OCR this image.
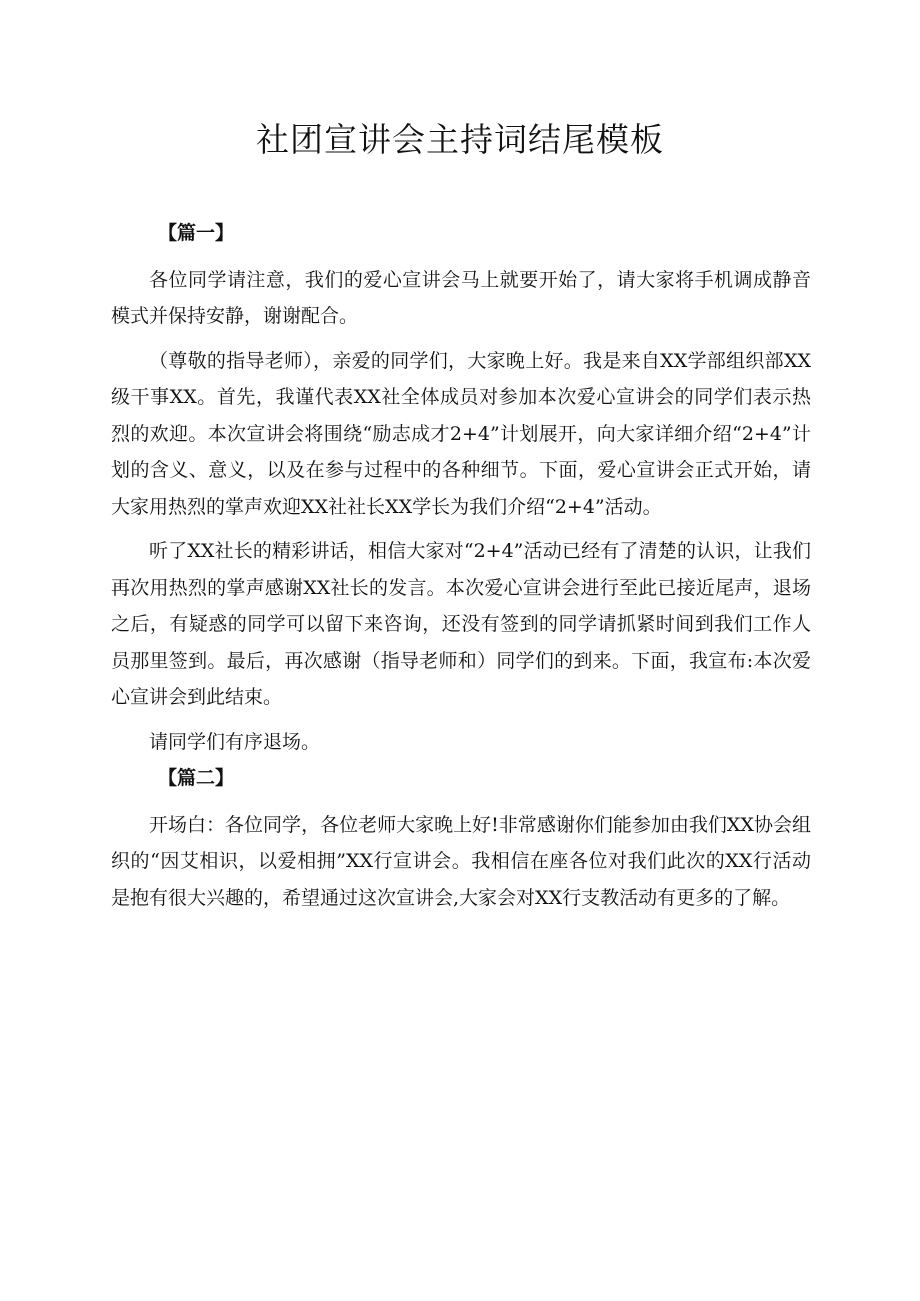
社团宣讲会主持词结尾模板

【篇一】

各位同学请注意，我们的爱心宣讲会马上就要开始了，请大家将手机调成静音模式并保持安静，谢谢配合。

（尊敬的指导老师），亲爱的同学们，大家晚上好。我是来自XX学部组织部XX级干事XX。首先，我谨代表XX社全体成员对参加本次爱心宣讲会的同学们表示热烈的欢迎。本次宣讲会将围绕“励志成才2+4”计划展开，向大家详细介绍“2+4”计划的含义、意义，以及在参与过程中的各种细节。下面，爱心宣讲会正式开始，请大家用热烈的掌声欢迎XX社社长XX学长为我们介绍“2+4”活动。

听了XX社长的精彩讲话，相信大家对“2+4”活动已经有了清楚的认识，让我们再次用热烈的掌声感谢XX社长的发言。本次爱心宣讲会进行至此已接近尾声，退场之后，有疑惑的同学可以留下来咨询，还没有签到的同学请抓紧时间到我们工作人员那里签到。最后，再次感谢（指导老师和）同学们的到来。下面，我宣布:本次爱心宣讲会到此结束。

请同学们有序退场。

【篇二】

开场白：各位同学，各位老师大家晚上好!非常感谢你们能参加由我们XX协会组织的“因艾相识，以爱相拥”XX行宣讲会。我相信在座各位对我们此次的XX行活动是抱有很大兴趣的，希望通过这次宣讲会,大家会对XX行支教活动有更多的了解。
